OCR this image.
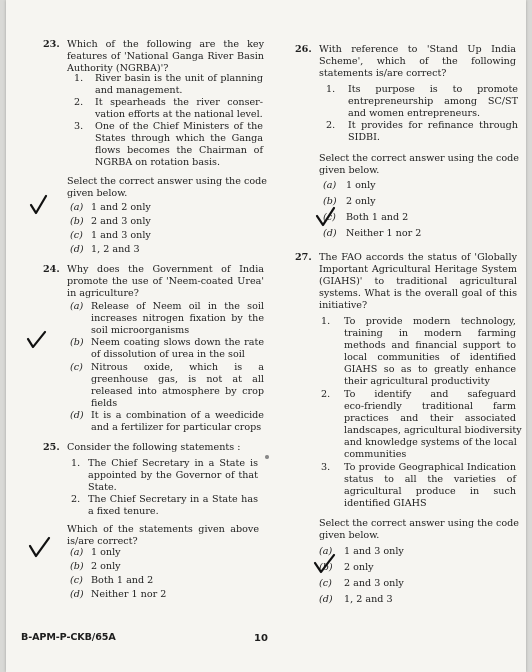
23. Which of the following are the key
features of 'National Ganga River Basin
Authority (NGRBA)'?
1. River basin is the unit of planning
and management.
2. It spearheads the river conser-
vation efforts at the national level.
3. One of the Chief Ministers of the
States through which the Ganga
flows becomes the Chairman of
NGRBA on rotation basis.
Select the correct answer using the code
given below.
(a) 1 and 2 only
(b) 2 and 3 only
(c) 1 and 3 only
(d) 1, 2 and 3
24. Why does the Government of India
promote the use of 'Neem-coated Urea'
in agriculture?
(a) Release of Neem oil in the soil
increases nitrogen fixation by the
soil microorganisms
(b) Neem coating slows down the rate
of dissolution of urea in the soil
(c) Nitrous oxide, which is a
greenhouse gas, is not at all
released into atmosphere by crop
fields
(d) It is a combination of a weedicide
and a fertilizer for particular crops
25. Consider the following statements :
1. The Chief Secretary in a State is
appointed by the Governor of that
State.
2. The Chief Secretary in a State has
a fixed tenure.
Which of the statements given above
is/are correct?
(a) 1 only
(b) 2 only
(c) Both 1 and 2
(d) Neither 1 nor 2
26. With reference to 'Stand Up India
Scheme', which of the following
statements is/are correct?
1. Its purpose is to promote
entrepreneurship among SC/ST
and women entrepreneurs.
2. It provides for refinance through
SIDBI.
Select the correct answer using the code
given below.
(a) 1 only
(b) 2 only
(c) Both 1 and 2
(d) Neither 1 nor 2
27. The FAO accords the status of 'Globally
Important Agricultural Heritage System
(GIAHS)' to traditional agricultural
systems. What is the overall goal of this
initiative?
1. To provide modern technology,
training in modern farming
methods and financial support to
local communities of identified
GIAHS so as to greatly enhance
their agricultural productivity
2. To identify and safeguard
eco-friendly traditional farm
practices and their associated
landscapes, agricultural biodiversity
and knowledge systems of the local
communities
3. To provide Geographical Indication
status to all the varieties of
agricultural produce in such
identified GIAHS
Select the correct answer using the code
given below.
(a) 1 and 3 only
(b) 2 only
(c) 2 and 3 only
(d) 1, 2 and 3
B-APM-P-CKB/65A	10
